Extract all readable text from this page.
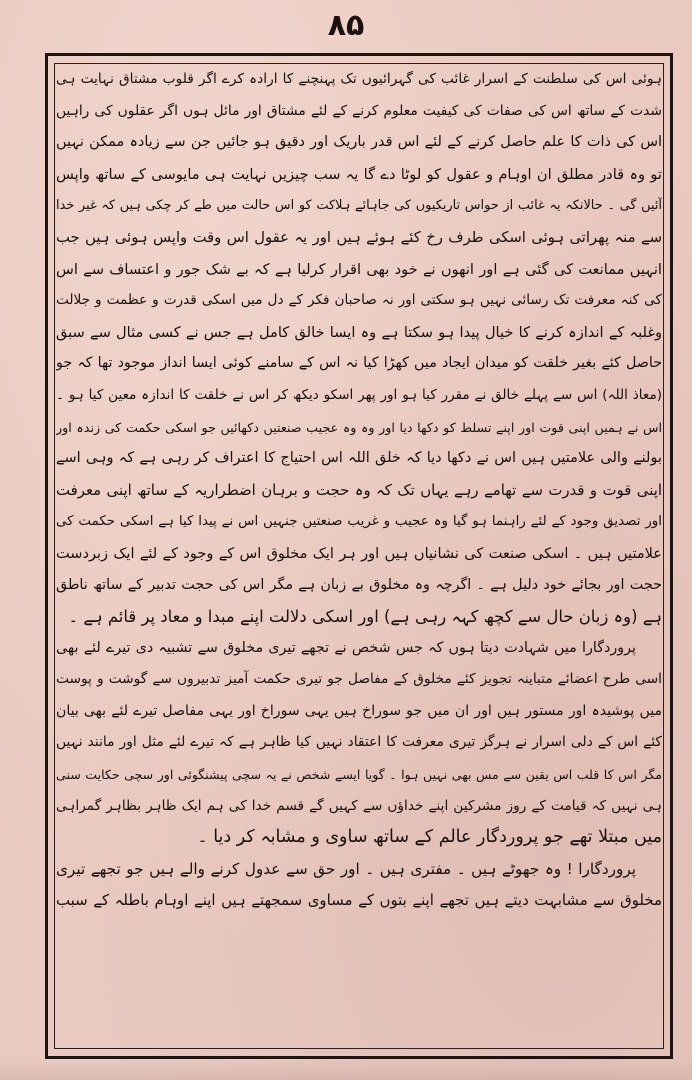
۸۵
ہوئی اس کی سلطنت کے اسرار غائب کی گہرائیوں تک پہنچنے کا ارادہ کرے اگر قلوب مشتاق نہایت ہی
شدت کے ساتھ اس کی صفات کی کیفیت معلوم کرنے کے لئے مشتاق اور مائل ہوں اگر عقلوں کی راہیں
اس کی ذات کا علم حاصل کرنے کے لئے اس قدر باریک اور دقیق ہو جائیں جن سے زیادہ ممکن نہیں
تو وہ قادر مطلق ان اوہام و عقول کو لوٹا دے گا یہ سب چیزیں نہایت ہی مایوسی کے ساتھ واپس
آئیں گی ۔ حالانکہ یہ غائب از حواس تاریکیوں کی جاہائے ہلاکت کو اس حالت میں طے کر چکی ہیں کہ غیر خدا
سے منہ پھراتی ہوئی اسکی طرف رخ کئے ہوئے ہیں اور یہ عقول اس وقت واپس ہوئی ہیں جب
انہیں ممانعت کی گئی ہے اور انھوں نے خود بھی اقرار کرلیا ہے کہ بے شک جور و اعتساف سے اس
کی کنہ معرفت تک رسائی نہیں ہو سکتی اور نہ صاحبان فکر کے دل میں اسکی قدرت و عظمت و جلالت
وغلبہ کے اندازہ کرنے کا خیال پیدا ہو سکتا ہے وہ ایسا خالق کامل ہے جس نے کسی مثال سے سبق
حاصل کئے بغیر خلقت کو میدان ایجاد میں کھڑا کیا نہ اس کے سامنے کوئی ایسا انداز موجود تھا کہ جو
(معاذ اللہ) اس سے پہلے خالق نے مقرر کیا ہو اور پھر اسکو دیکھ کر اس نے خلقت کا اندازہ معین کیا ہو ۔
اس نے ہمیں اپنی قوت اور اپنے تسلط کو دکھا دیا اور وہ وہ عجیب صنعتیں دکھائیں جو اسکی حکمت کی زندہ اور
بولنے والی علامتیں ہیں اس نے دکھا دیا کہ خلق اللہ اس احتیاج کا اعتراف کر رہی ہے کہ وہی اسے
اپنی قوت و قدرت سے تھامے رہے یہاں تک کہ وہ حجت و برہان اضطراریہ کے ساتھ اپنی معرفت
اور تصدیق وجود کے لئے راہنما ہو گیا وہ عجیب و غریب صنعتیں جنہیں اس نے پیدا کیا ہے اسکی حکمت کی
علامتیں ہیں ۔ اسکی صنعت کی نشانیاں ہیں اور ہر ایک مخلوق اس کے وجود کے لئے ایک زبردست
حجت اور بجائے خود دلیل ہے ۔ اگرچہ وہ مخلوق بے زبان ہے مگر اس کی حجت تدبیر کے ساتھ ناطق
ہے (وہ زبان حال سے کچھ کہہ رہی ہے) اور اسکی دلالت اپنے مبدا و معاد پر قائم ہے ۔
پروردگارا میں شہادت دیتا ہوں کہ جس شخص نے تجھے تیری مخلوق سے تشبیہ دی تیرے لئے بھی
اسی طرح اعضائے متباینہ تجویز کئے مخلوق کے مفاصل جو تیری حکمت آمیز تدبیروں سے گوشت و پوست
میں پوشیدہ اور مستور ہیں اور ان میں جو سوراخ ہیں یہی سوراخ اور یہی مفاصل تیرے لئے بھی بیان
کئے اس کے دلی اسرار نے ہرگز تیری معرفت کا اعتقاد نہیں کیا ظاہر ہے کہ تیرے لئے مثل اور مانند نہیں
مگر اس کا قلب اس یقین سے مس بھی نہیں ہوا ۔ گویا ایسے شخص نے یہ سچی پیشنگوئی اور سچی حکایت سنی
ہی نہیں کہ قیامت کے روز مشرکین اپنے خداؤں سے کہیں گے قسم خدا کی ہم ایک ظاہر بظاہر گمراہی
میں مبتلا تھے جو پروردگار عالم کے ساتھ ساوی و مشابہ کر دیا ۔
پروردگارا ! وہ جھوٹے ہیں ۔ مفتری ہیں ۔ اور حق سے عدول کرنے والے ہیں جو تجھے تیری
مخلوق سے مشابہت دیتے ہیں تجھے اپنے بتوں کے مساوی سمجھتے ہیں اپنے اوہام باطلہ کے سبب
